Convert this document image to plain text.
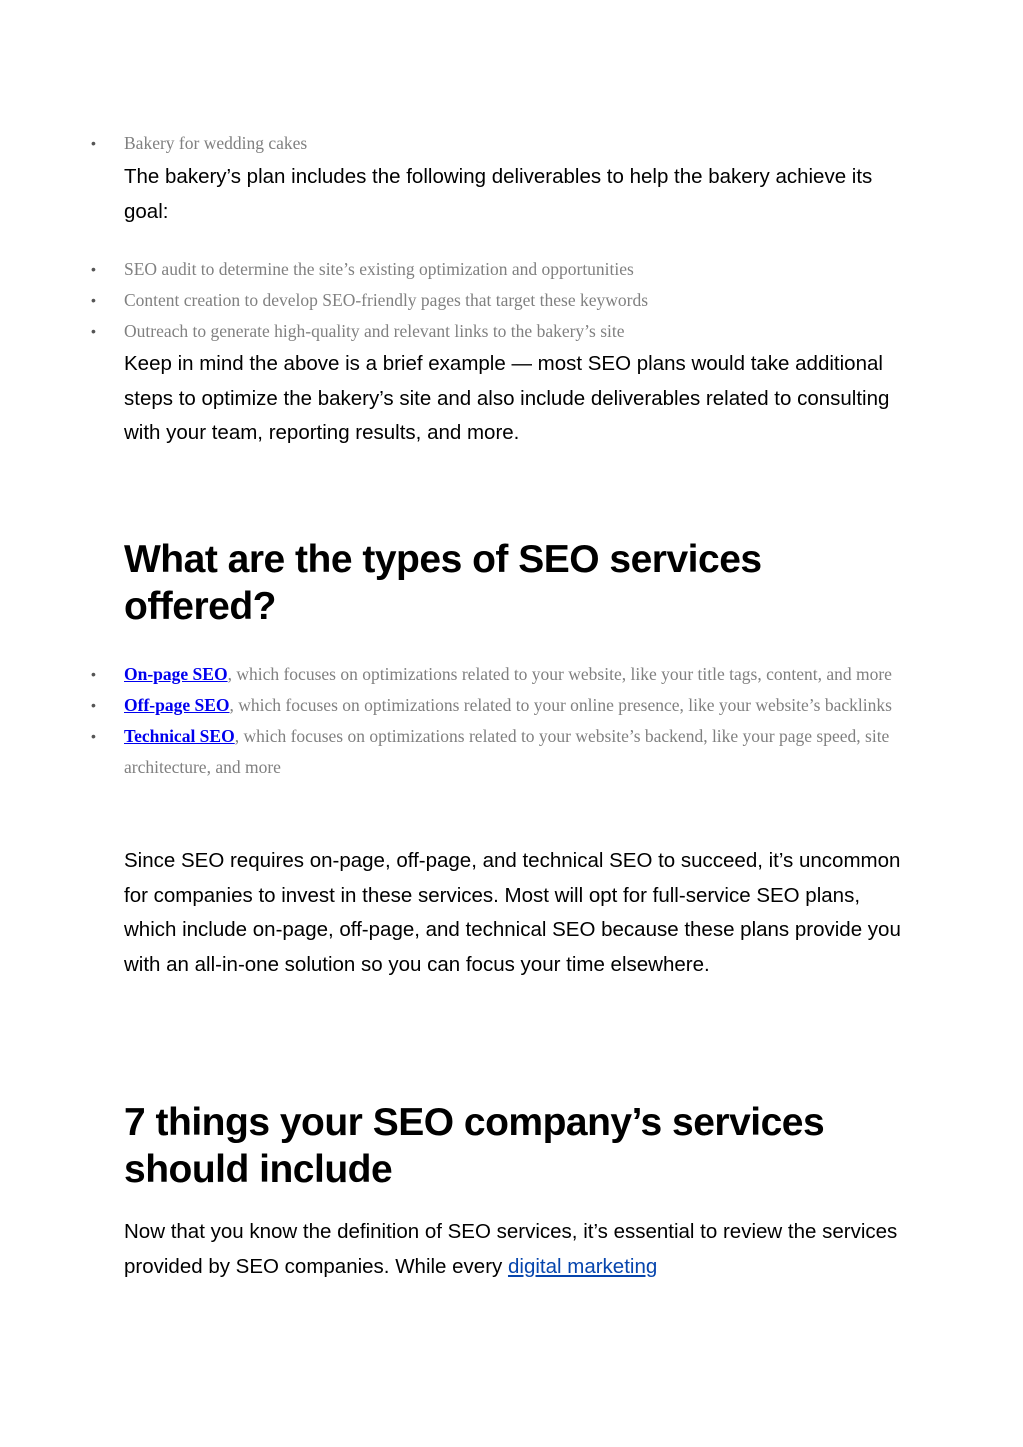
• Bakery for wedding cakes

The bakery’s plan includes the following deliverables to help the bakery achieve its goal:

• SEO audit to determine the site’s existing optimization and opportunities
• Content creation to develop SEO-friendly pages that target these keywords
• Outreach to generate high-quality and relevant links to the bakery’s site

Keep in mind the above is a brief example — most SEO plans would take additional steps to optimize the bakery’s site and also include deliverables related to consulting with your team, reporting results, and more.

What are the types of SEO services offered?
• On-page SEO, which focuses on optimizations related to your website, like your title tags, content, and more
• Off-page SEO, which focuses on optimizations related to your online presence, like your website’s backlinks
• Technical SEO, which focuses on optimizations related to your website’s backend, like your page speed, site architecture, and more

Since SEO requires on-page, off-page, and technical SEO to succeed, it’s uncommon for companies to invest in these services. Most will opt for full-service SEO plans, which include on-page, off-page, and technical SEO because these plans provide you with an all-in-one solution so you can focus your time elsewhere.

7 things your SEO company’s services should include

Now that you know the definition of SEO services, it’s essential to review the services provided by SEO companies. While every digital marketing
